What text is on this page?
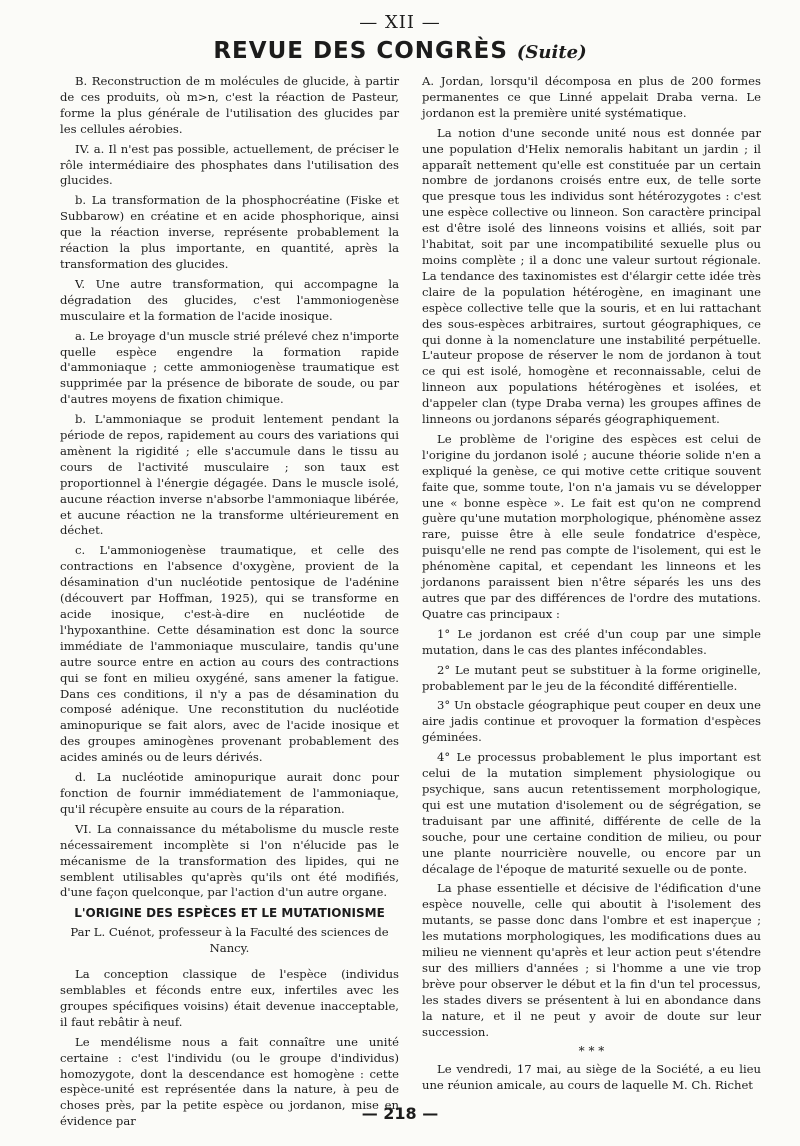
— XII —
REVUE DES CONGRÈS (Suite)

B. Reconstruction de m molécules de glucide, à partir de ces produits, où m>n, c'est la réaction de Pasteur, forme la plus générale de l'utilisation des glucides par les cellules aérobies.

IV. a. Il n'est pas possible, actuellement, de préciser le rôle intermédiaire des phosphates dans l'utilisation des glucides.

b. La transformation de la phosphocréatine (Fiske et Subbarow) en créatine et en acide phosphorique, ainsi que la réaction inverse, représente probablement la réaction la plus importante, en quantité, après la transformation des glucides.

V. Une autre transformation, qui accompagne la dégradation des glucides, c'est l'ammoniogenèse musculaire et la formation de l'acide inosique.

a. Le broyage d'un muscle strié prélevé chez n'importe quelle espèce engendre la formation rapide d'ammoniaque ; cette ammoniogenèse traumatique est supprimée par la présence de biborate de soude, ou par d'autres moyens de fixation chimique.

b. L'ammoniaque se produit lentement pendant la période de repos, rapidement au cours des variations qui amènent la rigidité ; elle s'accumule dans le tissu au cours de l'activité musculaire ; son taux est proportionnel à l'énergie dégagée. Dans le muscle isolé, aucune réaction inverse n'absorbe l'ammoniaque libérée, et aucune réaction ne la transforme ultérieurement en déchet.

c. L'ammoniogenèse traumatique, et celle des contractions en l'absence d'oxygène, provient de la désamination d'un nucléotide pentosique de l'adénine (découvert par Hoffman, 1925), qui se transforme en acide inosique, c'est-à-dire en nucléotide de l'hypoxanthine. Cette désamination est donc la source immédiate de l'ammoniaque musculaire, tandis qu'une autre source entre en action au cours des contractions qui se font en milieu oxygéné, sans amener la fatigue. Dans ces conditions, il n'y a pas de désamination du composé adénique. Une reconstitution du nucléotide aminopurique se fait alors, avec de l'acide inosique et des groupes aminogènes provenant probablement des acides aminés ou de leurs dérivés.

d. La nucléotide aminopurique aurait donc pour fonction de fournir immédiatement de l'ammoniaque, qu'il récupère ensuite au cours de la réparation.

VI. La connaissance du métabolisme du muscle reste nécessairement incomplète si l'on n'élucide pas le mécanisme de la transformation des lipides, qui ne semblent utilisables qu'après qu'ils ont été modifiés, d'une façon quelconque, par l'action d'un autre organe.

L'ORIGINE DES ESPÈCES ET LE MUTATIONISME

Par L. Cuénot, professeur à la Faculté des sciences de Nancy.

La conception classique de l'espèce (individus semblables et féconds entre eux, infertiles avec les groupes spécifiques voisins) était devenue inacceptable, il faut rebâtir à neuf.

Le mendélisme nous a fait connaître une unité certaine : c'est l'individu (ou le groupe d'individus) homozygote, dont la descendance est homogène : cette espèce-unité est représentée dans la nature, à peu de choses près, par la petite espèce ou jordanon, mise en évidence par

A. Jordan, lorsqu'il décomposa en plus de 200 formes permanentes ce que Linné appelait Draba verna. Le jordanon est la première unité systématique.

La notion d'une seconde unité nous est donnée par une population d'Helix nemoralis habitant un jardin ; il apparaît nettement qu'elle est constituée par un certain nombre de jordanons croisés entre eux, de telle sorte que presque tous les individus sont hétérozygotes : c'est une espèce collective ou linneon. Son caractère principal est d'être isolé des linneons voisins et alliés, soit par l'habitat, soit par une incompatibilité sexuelle plus ou moins complète ; il a donc une valeur surtout régionale. La tendance des taxinomistes est d'élargir cette idée très claire de la population hétérogène, en imaginant une espèce collective telle que la souris, et en lui rattachant des sous-espèces arbitraires, surtout géographiques, ce qui donne à la nomenclature une instabilité perpétuelle. L'auteur propose de réserver le nom de jordanon à tout ce qui est isolé, homogène et reconnaissable, celui de linneon aux populations hétérogènes et isolées, et d'appeler clan (type Draba verna) les groupes affines de linneons ou jordanons séparés géographiquement.

Le problème de l'origine des espèces est celui de l'origine du jordanon isolé ; aucune théorie solide n'en a expliqué la genèse, ce qui motive cette critique souvent faite que, somme toute, l'on n'a jamais vu se développer une « bonne espèce ». Le fait est qu'on ne comprend guère qu'une mutation morphologique, phénomène assez rare, puisse être à elle seule fondatrice d'espèce, puisqu'elle ne rend pas compte de l'isolement, qui est le phénomène capital, et cependant les linneons et les jordanons paraissent bien n'être séparés les uns des autres que par des différences de l'ordre des mutations. Quatre cas principaux :

1° Le jordanon est créé d'un coup par une simple mutation, dans le cas des plantes infécondables.

2° Le mutant peut se substituer à la forme originelle, probablement par le jeu de la fécondité différentielle.

3° Un obstacle géographique peut couper en deux une aire jadis continue et provoquer la formation d'espèces géminées.

4° Le processus probablement le plus important est celui de la mutation simplement physiologique ou psychique, sans aucun retentissement morphologique, qui est une mutation d'isolement ou de ségrégation, se traduisant par une affinité, différente de celle de la souche, pour une certaine condition de milieu, ou pour une plante nourricière nouvelle, ou encore par un décalage de l'époque de maturité sexuelle ou de ponte.

La phase essentielle et décisive de l'édification d'une espèce nouvelle, celle qui aboutit à l'isolement des mutants, se passe donc dans l'ombre et est inaperçue ; les mutations morphologiques, les modifications dues au milieu ne viennent qu'après et leur action peut s'étendre sur des milliers d'années ; si l'homme a une vie trop brève pour observer le début et la fin d'un tel processus, les stades divers se présentent à lui en abondance dans la nature, et il ne peut y avoir de doute sur leur succession.

* * *

Le vendredi, 17 mai, au siège de la Société, a eu lieu une réunion amicale, au cours de laquelle M. Ch. Richet

— 218 —
